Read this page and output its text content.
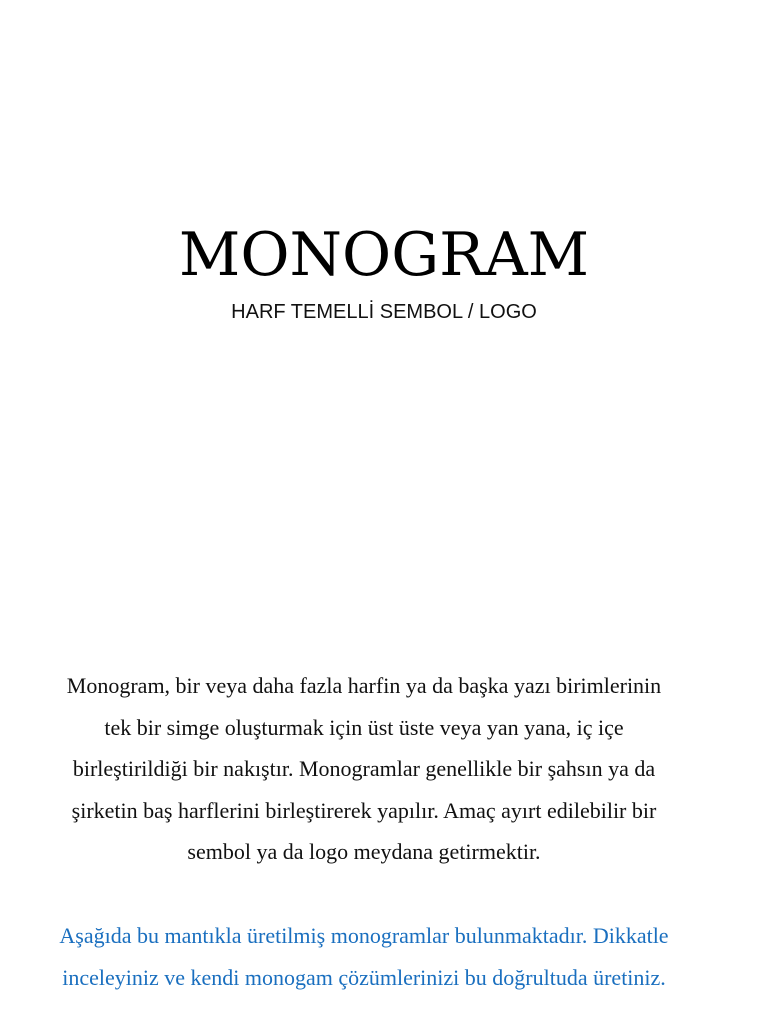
MONOGRAM
HARF TEMELLİ SEMBOL / LOGO

Monogram, bir veya daha fazla harfin ya da başka yazı birimlerinin tek bir simge oluşturmak için üst üste veya yan yana, iç içe birleştirildiği bir nakıştır. Monogramlar genellikle bir şahsın ya da şirketin baş harflerini birleştirerek yapılır. Amaç ayırt edilebilir bir sembol ya da logo meydana getirmektir.

Aşağıda bu mantıkla üretilmiş monogramlar bulunmaktadır. Dikkatle inceleyiniz ve kendi monogam çözümlerinizi bu doğrultuda üretiniz.
